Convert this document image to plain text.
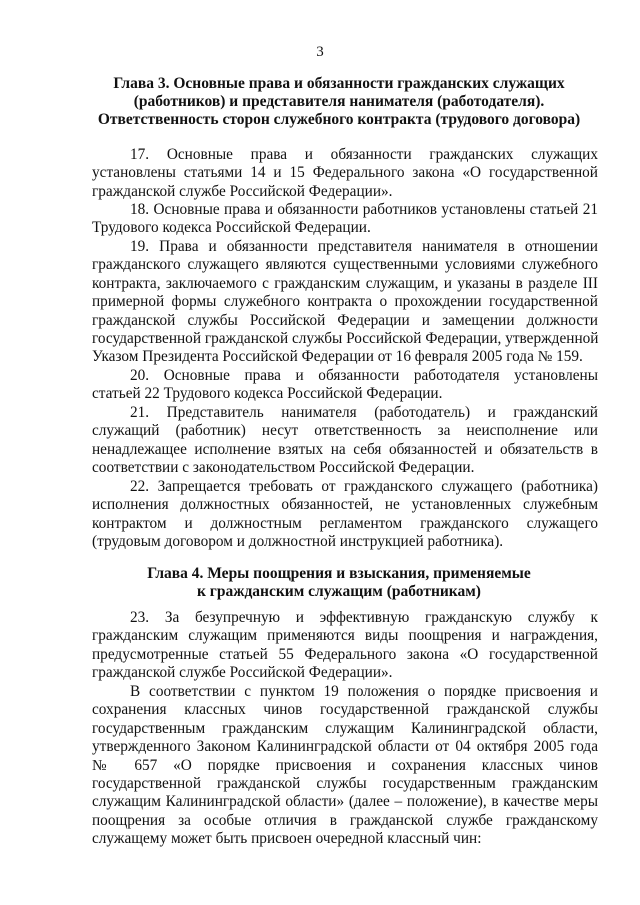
3
Глава 3. Основные права и обязанности гражданских служащих
(работников) и представителя нанимателя (работодателя).
Ответственность сторон служебного контракта (трудового договора)
17. Основные права и обязанности гражданских служащих
установлены статьями 14 и 15 Федерального закона «О государственной
гражданской службе Российской Федерации».
18. Основные права и обязанности работников установлены статьей 21
Трудового кодекса Российской Федерации.
19. Права и обязанности представителя нанимателя в отношении
гражданского служащего являются существенными условиями служебного
контракта, заключаемого с гражданским служащим, и указаны в разделе III
примерной формы служебного контракта о прохождении государственной
гражданской службы Российской Федерации и замещении должности
государственной гражданской службы Российской Федерации, утвержденной
Указом Президента Российской Федерации от 16 февраля 2005 года № 159.
20. Основные права и обязанности работодателя установлены
статьей 22 Трудового кодекса Российской Федерации.
21. Представитель нанимателя (работодатель) и гражданский
служащий (работник) несут ответственность за неисполнение или
ненадлежащее исполнение взятых на себя обязанностей и обязательств в
соответствии с законодательством Российской Федерации.
22. Запрещается требовать от гражданского служащего (работника)
исполнения должностных обязанностей, не установленных служебным
контрактом и должностным регламентом гражданского служащего
(трудовым договором и должностной инструкцией работника).
Глава 4. Меры поощрения и взыскания, применяемые
к гражданским служащим (работникам)
23. За безупречную и эффективную гражданскую службу к
гражданским служащим применяются виды поощрения и награждения,
предусмотренные статьей 55 Федерального закона «О государственной
гражданской службе Российской Федерации».
В соответствии с пунктом 19 положения о порядке присвоения и
сохранения классных чинов государственной гражданской службы
государственным гражданским служащим Калининградской области,
утвержденного Законом Калининградской области от 04 октября 2005 года
№ 657 «О порядке присвоения и сохранения классных чинов
государственной гражданской службы государственным гражданским
служащим Калининградской области» (далее – положение), в качестве меры
поощрения за особые отличия в гражданской службе гражданскому
служащему может быть присвоен очередной классный чин:
